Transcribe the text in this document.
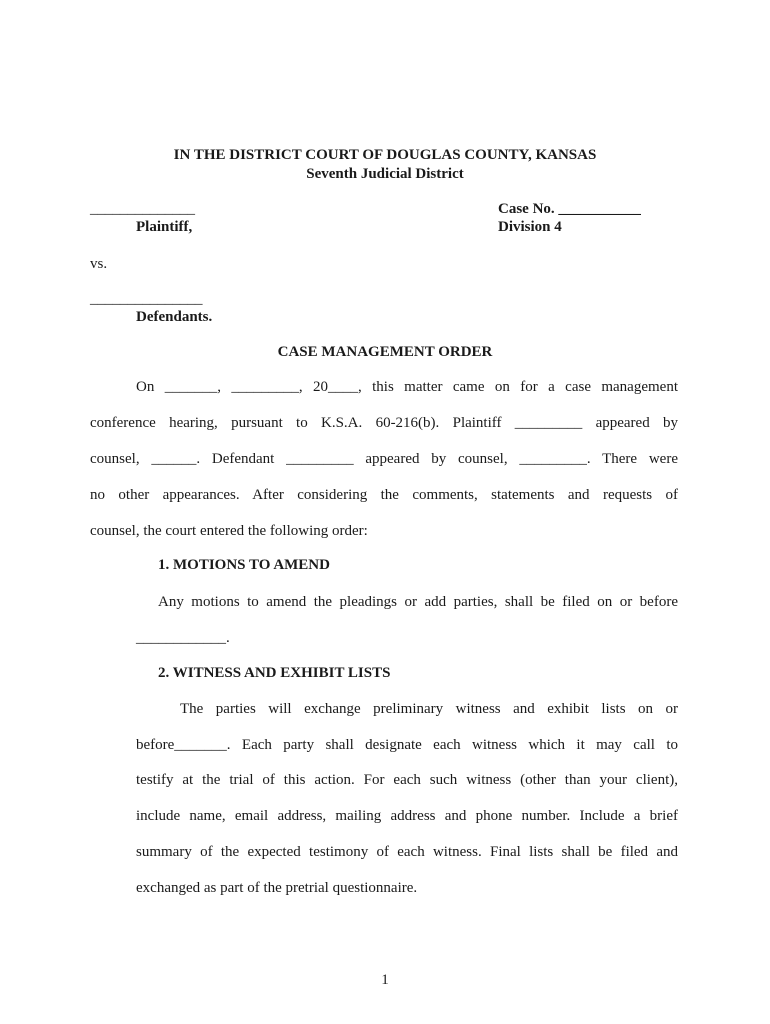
IN THE DISTRICT COURT OF DOUGLAS COUNTY, KANSAS
Seventh Judicial District
______________
Plaintiff,
Case No. ___________
Division 4
vs.
_______________
Defendants.
CASE MANAGEMENT ORDER
On _______, _________, 20____, this matter came on for a case management
conference hearing, pursuant to K.S.A. 60-216(b). Plaintiff _________ appeared by
counsel, ______. Defendant _________ appeared by counsel, _________. There were
no other appearances. After considering the comments, statements and requests of
counsel, the court entered the following order:
1. MOTIONS TO AMEND
Any motions to amend the pleadings or add parties, shall be filed on or before
____________.
2. WITNESS AND EXHIBIT LISTS
The parties will exchange preliminary witness and exhibit lists on or
before_______. Each party shall designate each witness which it may call to
testify at the trial of this action. For each such witness (other than your client),
include name, email address, mailing address and phone number. Include a brief
summary of the expected testimony of each witness. Final lists shall be filed and
exchanged as part of the pretrial questionnaire.
1
